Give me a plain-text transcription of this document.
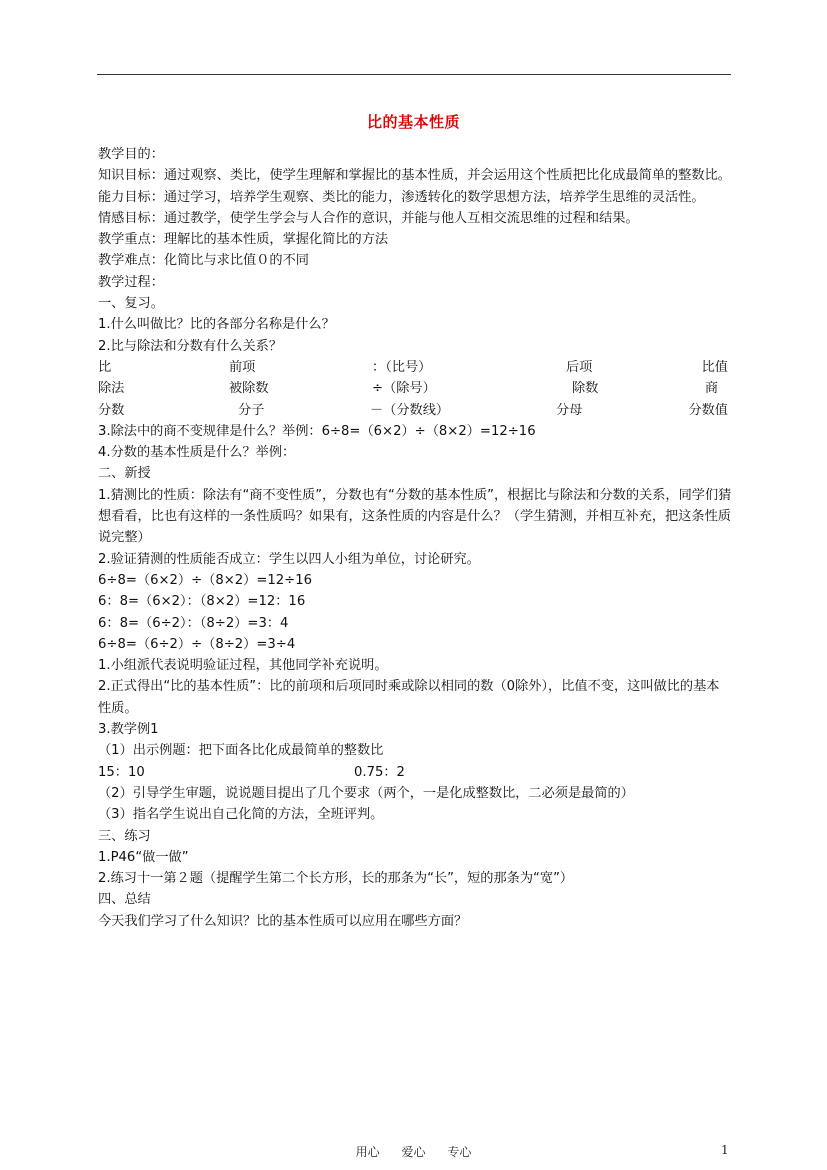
比的基本性质
教学目的：
知识目标：通过观察、类比，使学生理解和掌握比的基本性质，并会运用这个性质把比化成最简单的整数比。
能力目标：通过学习，培养学生观察、类比的能力，渗透转化的数学思想方法，培养学生思维的灵活性。
情感目标：通过教学，使学生学会与人合作的意识，并能与他人互相交流思维的过程和结果。
教学重点：理解比的基本性质，掌握化简比的方法
教学难点：化简比与求比值０的不同
教学过程：
一、复习。
1.什么叫做比？比的各部分名称是什么？
2.比与除法和分数有什么关系？
比	前项	：（比号）	后项	比值
除法	被除数	÷（除号）	除数	商
分数	分子	－（分数线）	分母	分数值
3.除法中的商不变规律是什么？举例：6÷8=（6×2）÷（8×2）=12÷16
4.分数的基本性质是什么？举例：
二、新授
1.猜测比的性质：除法有“商不变性质”，分数也有“分数的基本性质”，根据比与除法和分数的关系，同学们猜想看看，比也有这样的一条性质吗？如果有，这条性质的内容是什么？（学生猜测，并相互补充，把这条性质说完整）
2.验证猜测的性质能否成立：学生以四人小组为单位，讨论研究。
6÷8=（6×2）÷（8×2）=12÷16
6：8=（6×2）：（8×2）=12：16
6：8=（6÷2）：（8÷2）=3：4
6÷8=（6÷2）÷（8÷2）=3÷4
1.小组派代表说明验证过程，其他同学补充说明。
2.正式得出“比的基本性质”：比的前项和后项同时乘或除以相同的数（0除外），比值不变，这叫做比的基本性质。
3.教学例1
（1）出示例题：把下面各比化成最简单的整数比
15：10	0.75：2
（2）引导学生审题，说说题目提出了几个要求（两个，一是化成整数比，二必须是最简的）
（3）指名学生说出自己化简的方法，全班评判。
三、练习
1.P46“做一做”
2.练习十一第２题（提醒学生第二个长方形，长的那条为“长”，短的那条为“宽”）
四、总结
今天我们学习了什么知识？比的基本性质可以应用在哪些方面？
用心 爱心 专心	1
